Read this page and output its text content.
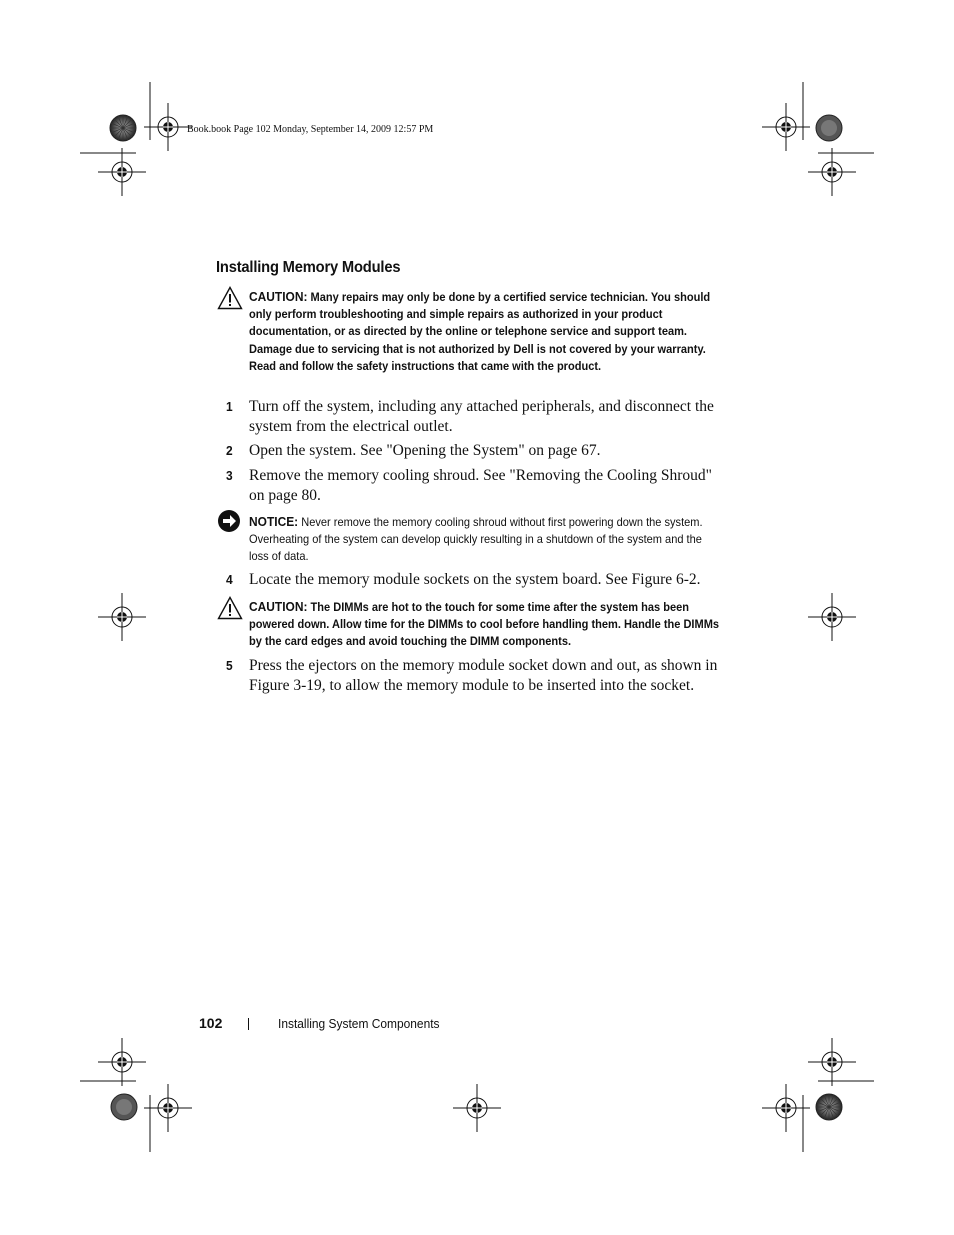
Book.book Page 102 Monday, September 14, 2009 12:57 PM
Installing Memory Modules
CAUTION: Many repairs may only be done by a certified service technician. You should only perform troubleshooting and simple repairs as authorized in your product documentation, or as directed by the online or telephone service and support team. Damage due to servicing that is not authorized by Dell is not covered by your warranty. Read and follow the safety instructions that came with the product.
1 Turn off the system, including any attached peripherals, and disconnect the system from the electrical outlet.
2 Open the system. See "Opening the System" on page 67.
3 Remove the memory cooling shroud. See "Removing the Cooling Shroud" on page 80.
NOTICE: Never remove the memory cooling shroud without first powering down the system. Overheating of the system can develop quickly resulting in a shutdown of the system and the loss of data.
4 Locate the memory module sockets on the system board. See Figure 6-2.
CAUTION: The DIMMs are hot to the touch for some time after the system has been powered down. Allow time for the DIMMs to cool before handling them. Handle the DIMMs by the card edges and avoid touching the DIMM components.
5 Press the ejectors on the memory module socket down and out, as shown in Figure 3-19, to allow the memory module to be inserted into the socket.
102	Installing System Components
